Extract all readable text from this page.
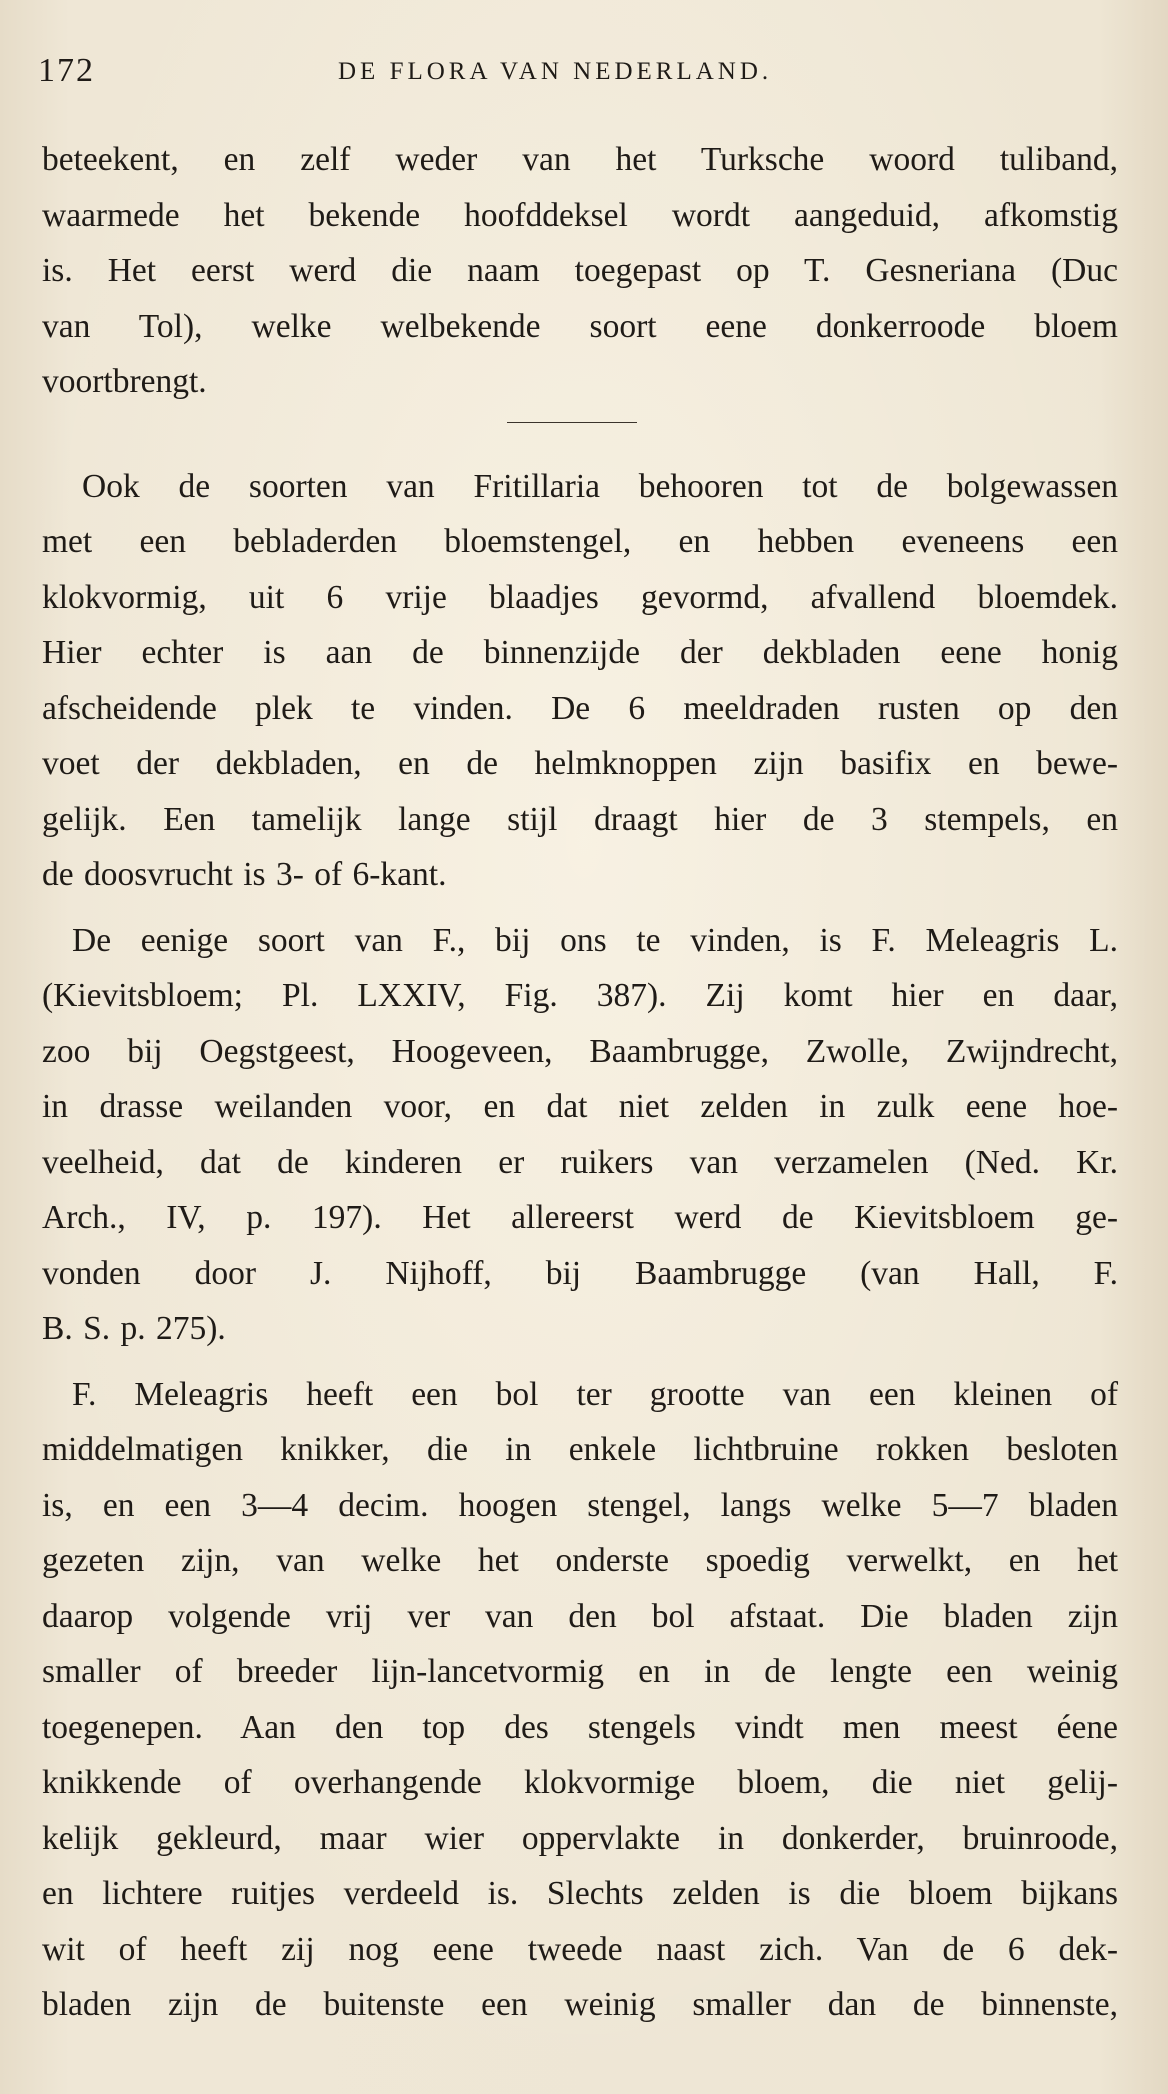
172	DE FLORA VAN NEDERLAND.
beteekent, en zelf weder van het Turksche woord tuliband,
waarmede het bekende hoofddeksel wordt aangeduid, afkomstig
is. Het eerst werd die naam toegepast op T. Gesneriana (Duc
van Tol), welke welbekende soort eene donkerroode bloem
voortbrengt.
Ook de soorten van Fritillaria behooren tot de bolgewassen
met een bebladerden bloemstengel, en hebben eveneens een
klokvormig, uit 6 vrije blaadjes gevormd, afvallend bloemdek.
Hier echter is aan de binnenzijde der dekbladen eene honig
afscheidende plek te vinden. De 6 meeldraden rusten op den
voet der dekbladen, en de helmknoppen zijn basifix en bewe-
gelijk. Een tamelijk lange stijl draagt hier de 3 stempels, en
de doosvrucht is 3- of 6-kant.
De eenige soort van F., bij ons te vinden, is F. Meleagris L.
(Kievitsbloem; Pl. LXXIV, Fig. 387). Zij komt hier en daar,
zoo bij Oegstgeest, Hoogeveen, Baambrugge, Zwolle, Zwijndrecht,
in drasse weilanden voor, en dat niet zelden in zulk eene hoe-
veelheid, dat de kinderen er ruikers van verzamelen (Ned. Kr.
Arch., IV, p. 197). Het allereerst werd de Kievitsbloem ge-
vonden door J. Nijhoff, bij Baambrugge (van Hall, F.
B. S. p. 275).
F. Meleagris heeft een bol ter grootte van een kleinen of
middelmatigen knikker, die in enkele lichtbruine rokken besloten
is, en een 3—4 decim. hoogen stengel, langs welke 5—7 bladen
gezeten zijn, van welke het onderste spoedig verwelkt, en het
daarop volgende vrij ver van den bol afstaat. Die bladen zijn
smaller of breeder lijn-lancetvormig en in de lengte een weinig
toegenepen. Aan den top des stengels vindt men meest éene
knikkende of overhangende klokvormige bloem, die niet gelij-
kelijk gekleurd, maar wier oppervlakte in donkerder, bruinroode,
en lichtere ruitjes verdeeld is. Slechts zelden is die bloem bijkans
wit of heeft zij nog eene tweede naast zich. Van de 6 dek-
bladen zijn de buitenste een weinig smaller dan de binnenste,
